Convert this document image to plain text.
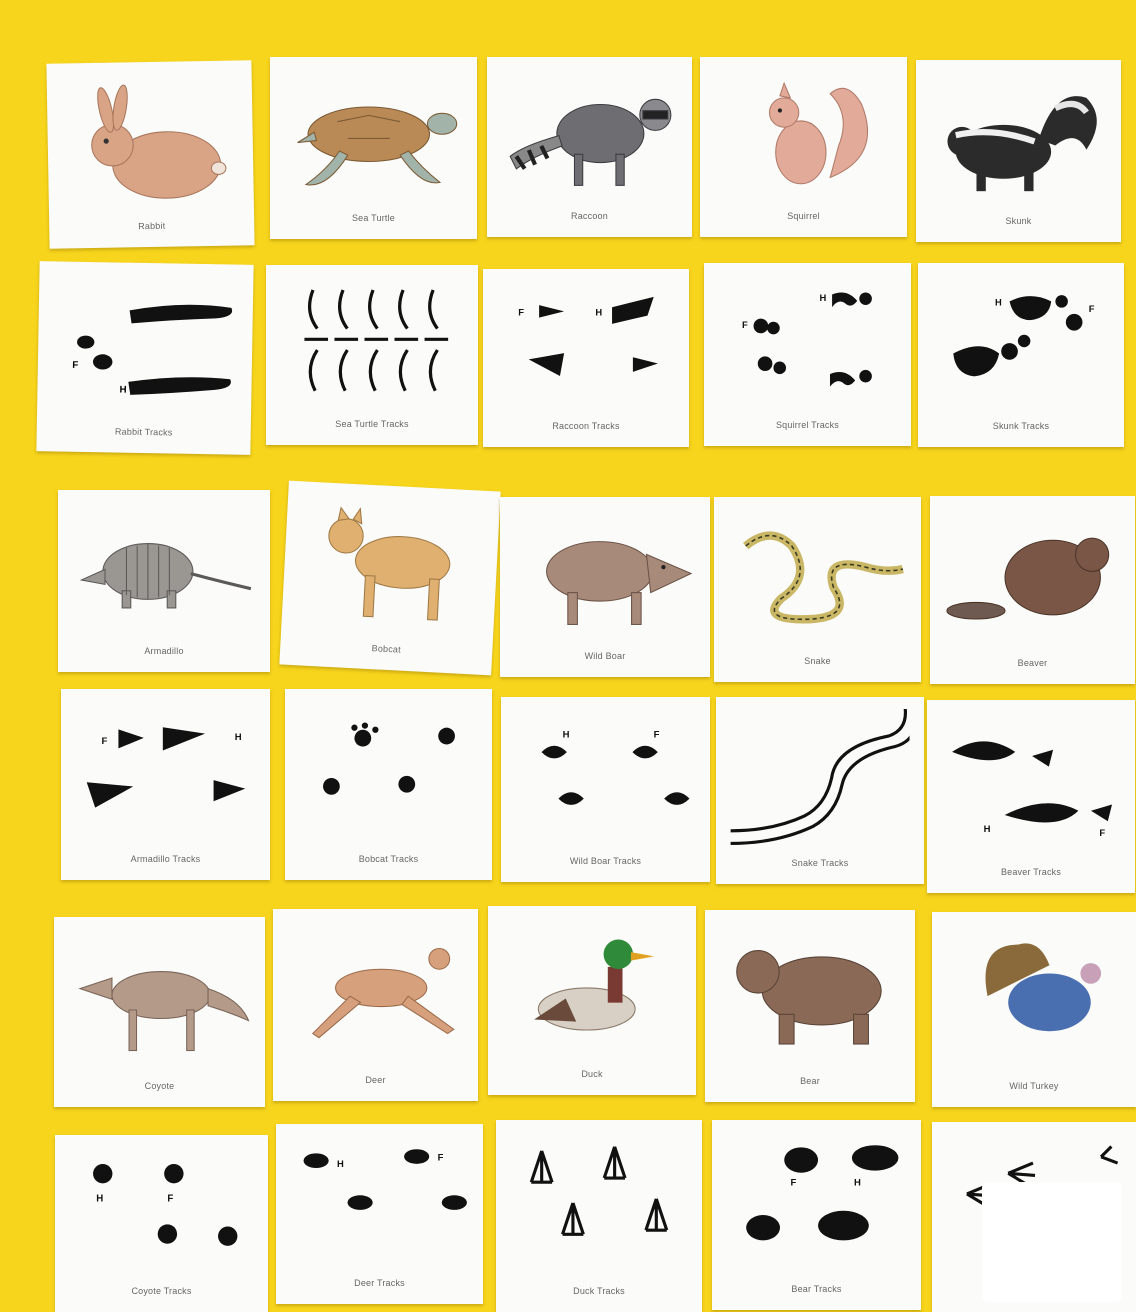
Rabbit
Sea Turtle	Raccoon	Squirrel	Skunk
F
H
Rabbit Tracks
Sea Turtle Tracks
F	H
Raccoon Tracks
H
F
Squirrel Tracks
H
F
Skunk Tracks
Armadillo	Bobcat
Wild Boar	Snake	Beaver
F	H
Armadillo Tracks	Bobcat Tracks
H	F
Wild Boar Tracks	Snake Tracks
H	F
Beaver Tracks
Coyote
Deer
Duck
Bear	Wild Turkey
H	F
Coyote Tracks
H
F
Deer Tracks
Duck Tracks
F	H
Bear Tracks
